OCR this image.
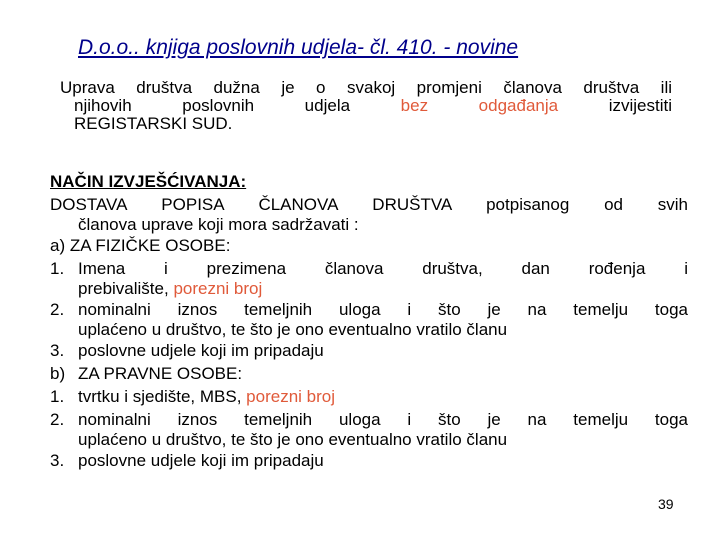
D.o.o.. knjiga poslovnih udjela- čl. 410. - novine
Uprava društva dužna je o svakoj promjeni članova društva ili
njihovih poslovnih udjela bez odgađanja izvijestiti
REGISTARSKI SUD.
NAČIN IZVJEŠĆIVANJA:
DOSTAVA POPISA ČLANOVA DRUŠTVA potpisanog od svih
članova uprave koji mora sadržavati :
a) ZA FIZIČKE OSOBE:
1. Imena i prezimena članova društva, dan rođenja i
prebivalište, porezni broj
2. nominalni iznos temeljnih uloga i što je na temelju toga
uplaćeno u društvo, te što je ono eventualno vratilo članu
3. poslovne udjele koji im pripadaju
b) ZA PRAVNE OSOBE:
1. tvrtku i sjedište, MBS, porezni broj
2. nominalni iznos temeljnih uloga i što je na temelju toga
uplaćeno u društvo, te što je ono eventualno vratilo članu
3. poslovne udjele koji im pripadaju
39
